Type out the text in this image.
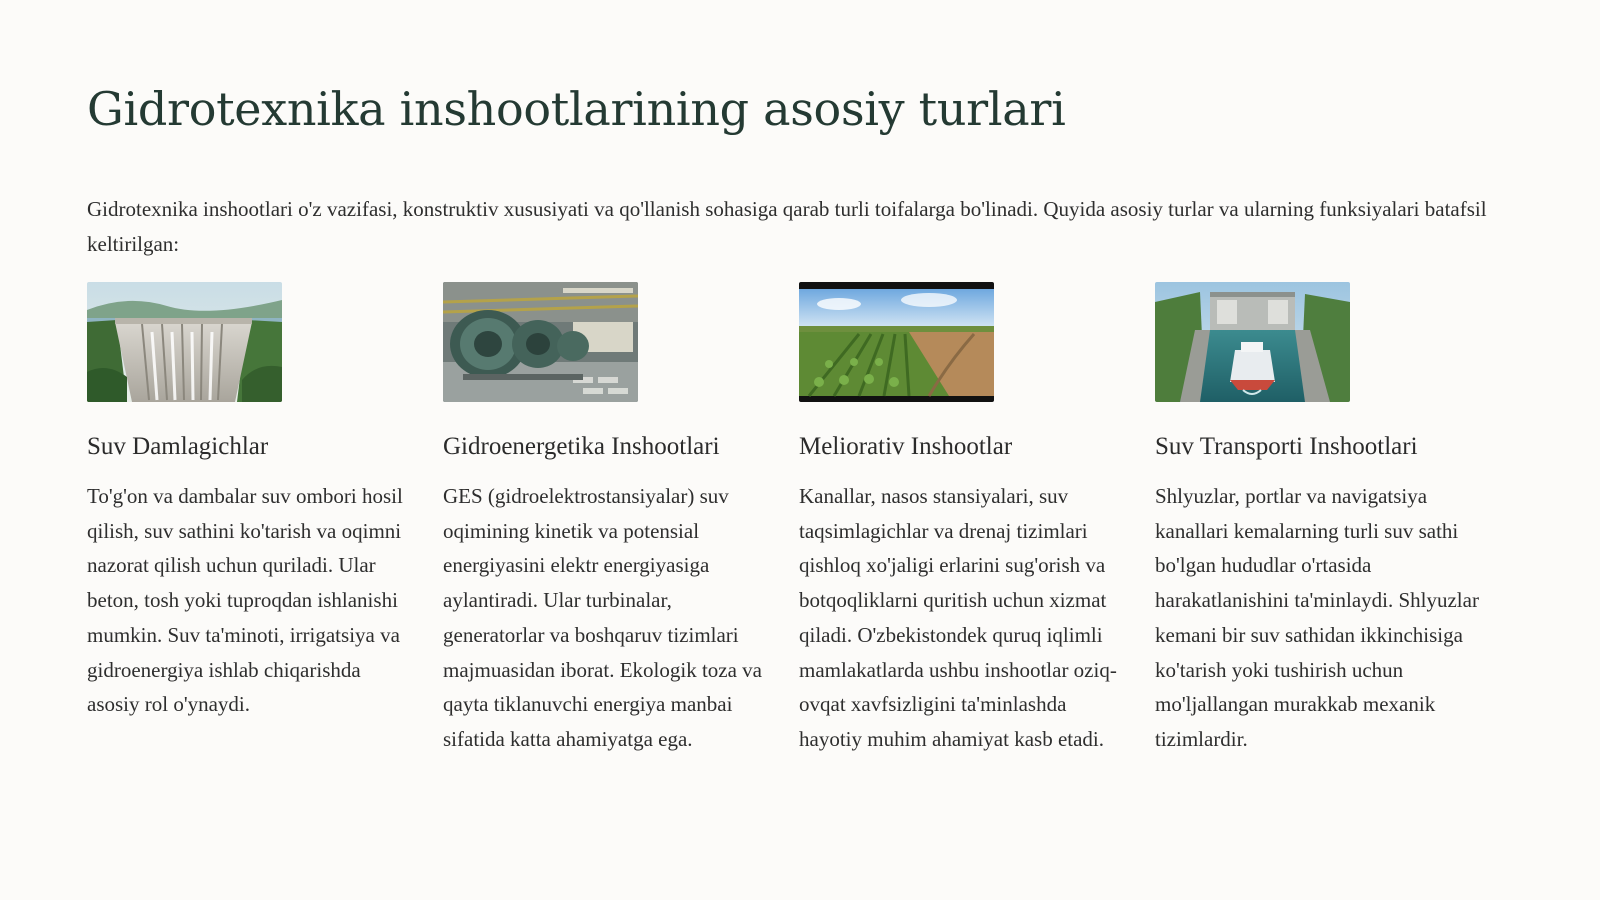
Gidrotexnika inshootlarining asosiy turlari

Gidrotexnika inshootlari o'z vazifasi, konstruktiv xususiyati va qo'llanish sohasiga qarab turli toifalarga bo'linadi. Quyida asosiy turlar va ularning funksiyalari batafsil keltirilgan:

Suv Damlagichlar

To'g'on va dambalar suv ombori hosil qilish, suv sathini ko'tarish va oqimni nazorat qilish uchun quriladi. Ular beton, tosh yoki tuproqdan ishlanishi mumkin. Suv ta'minoti, irrigatsiya va gidroenergiya ishlab chiqarishda asosiy rol o'ynaydi.

Gidroenergetika Inshootlari

GES (gidroelektrostansiyalar) suv oqimining kinetik va potensial energiyasini elektr energiyasiga aylantiradi. Ular turbinalar, generatorlar va boshqaruv tizimlari majmuasidan iborat. Ekologik toza va qayta tiklanuvchi energiya manbai sifatida katta ahamiyatga ega.

Meliorativ Inshootlar

Kanallar, nasos stansiyalari, suv taqsimlagichlar va drenaj tizimlari qishloq xo'jaligi erlarini sug'orish va botqoqliklarni quritish uchun xizmat qiladi. O'zbekistondek quruq iqlimli mamlakatlarda ushbu inshootlar oziq-ovqat xavfsizligini ta'minlashda hayotiy muhim ahamiyat kasb etadi.

Suv Transporti Inshootlari

Shlyuzlar, portlar va navigatsiya kanallari kemalarning turli suv sathi bo'lgan hududlar o'rtasida harakatlanishini ta'minlaydi. Shlyuzlar kemani bir suv sathidan ikkinchisiga ko'tarish yoki tushirish uchun mo'ljallangan murakkab mexanik tizimlardir.
